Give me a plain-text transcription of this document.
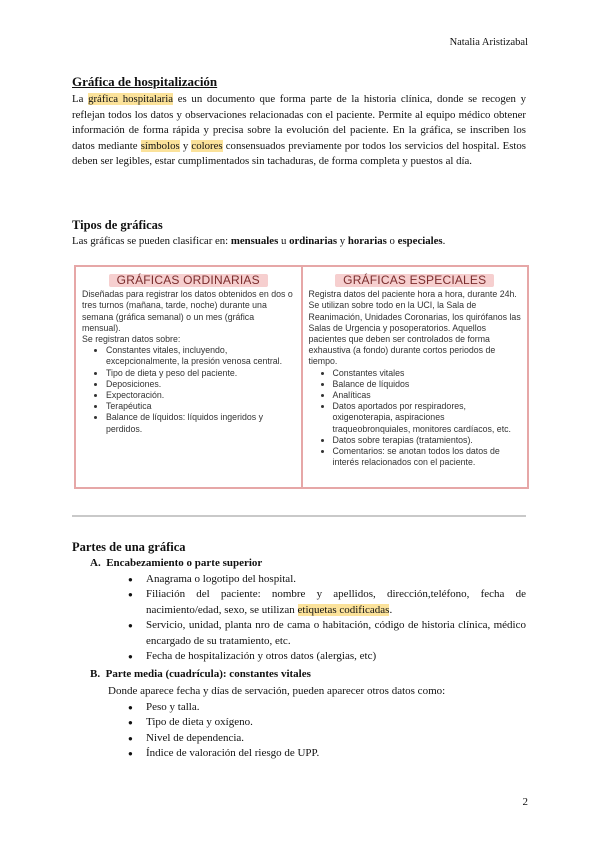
Natalia Aristizabal
Gráfica de hospitalización
La gráfica hospitalaria es un documento que forma parte de la historia clínica, donde se recogen y reflejan todos los datos y observaciones relacionadas con el paciente. Permite al equipo médico obtener información de forma rápida y precisa sobre la evolución del paciente. En la gráfica, se inscriben los datos mediante símbolos y colores consensuados previamente por todos los servicios del hospital. Estos deben ser legibles, estar cumplimentados sin tachaduras, de forma completa y puestos al día.
Tipos de gráficas
Las gráficas se pueden clasificar en: mensuales u ordinarias y horarias o especiales.
GRÁFICAS ORDINARIAS
Diseñadas para registrar los datos obtenidos en dos o tres turnos (mañana, tarde, noche) durante una semana (gráfica semanal) o un mes (gráfica mensual).
Se registran datos sobre:
• Constantes vitales, incluyendo, excepcionalmente, la presión venosa central.
• Tipo de dieta y peso del paciente.
• Deposiciones.
• Expectoración.
• Terapéutica
• Balance de líquidos: líquidos ingeridos y perdidos.
GRÁFICAS ESPECIALES
Registra datos del paciente hora a hora, durante 24h. Se utilizan sobre todo en la UCI, la Sala de Reanimación, Unidades Coronarias, los quirófanos las Salas de Urgencia y posoperatorios. Aquellos pacientes que deben ser controlados de forma exhaustiva (a fondo) durante cortos periodos de tiempo.
• Constantes vitales
• Balance de líquidos
• Analíticas
• Datos aportados por respiradores, oxigenoterapia, aspiraciones traqueobronquiales, monitores cardíacos, etc.
• Datos sobre terapias (tratamientos).
• Comentarios: se anotan todos los datos de interés relacionados con el paciente.
Partes de una gráfica
A. Encabezamiento o parte superior
● Anagrama o logotipo del hospital.
● Filiación del paciente: nombre y apellidos, dirección,teléfono, fecha de nacimiento/edad, sexo, se utilizan etiquetas codificadas.
● Servicio, unidad, planta nro de cama o habitación, código de historia clínica, médico encargado de su tratamiento, etc.
● Fecha de hospitalización y otros datos (alergias, etc)
B. Parte media (cuadrícula): constantes vitales
Donde aparece fecha y días de servación, pueden aparecer otros datos como:
● Peso y talla.
● Tipo de dieta y oxígeno.
● Nivel de dependencia.
● Índice de valoración del riesgo de UPP.
2
